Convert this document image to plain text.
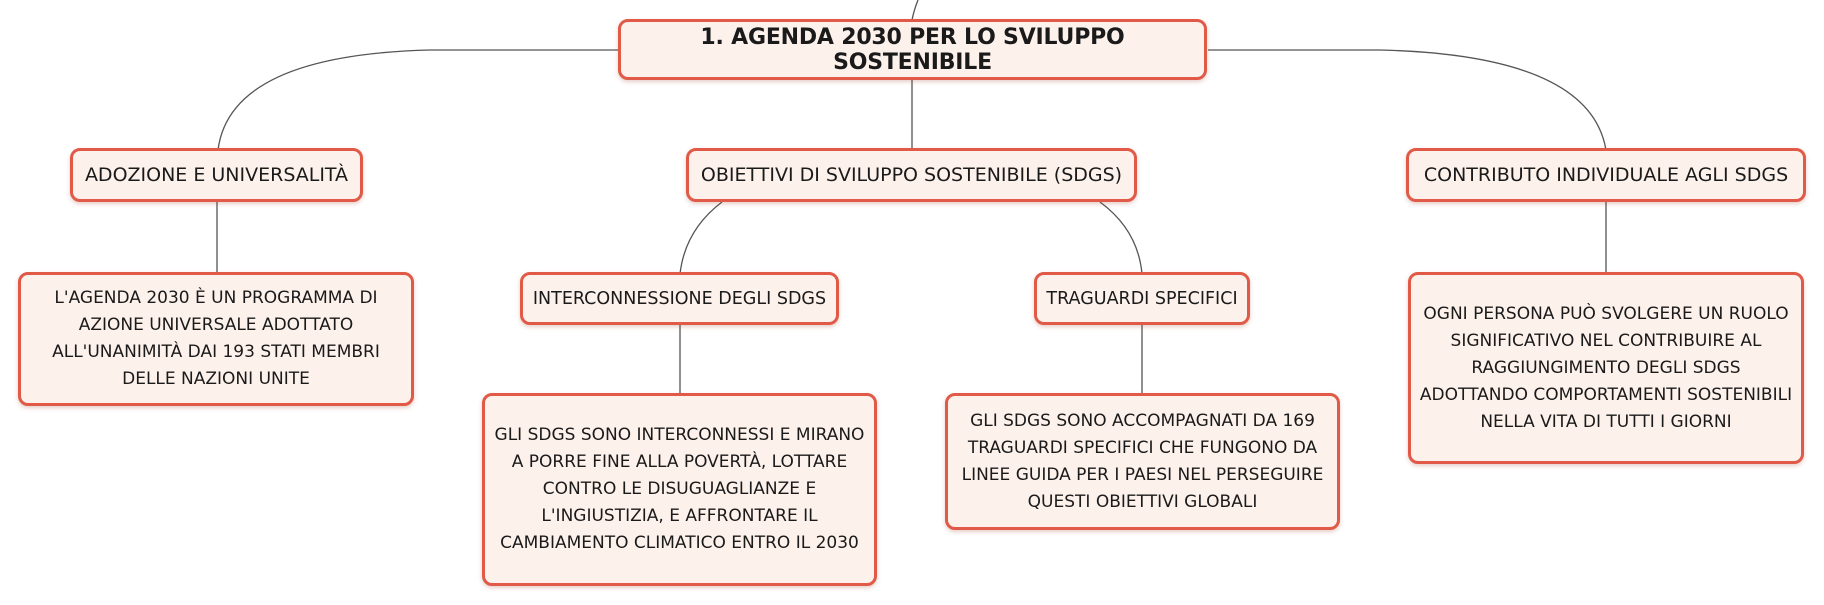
1. AGENDA 2030 PER LO SVILUPPO SOSTENIBILE
ADOZIONE E UNIVERSALITÀ	OBIETTIVI DI SVILUPPO SOSTENIBILE (SDGS)	CONTRIBUTO INDIVIDUALE AGLI SDGS
L'AGENDA 2030 È UN PROGRAMMA DI AZIONE UNIVERSALE ADOTTATO ALL'UNANIMITÀ DAI 193 STATI MEMBRI DELLE NAZIONI UNITE
INTERCONNESSIONE DEGLI SDGS	TRAGUARDI SPECIFICI
OGNI PERSONA PUÒ SVOLGERE UN RUOLO SIGNIFICATIVO NEL CONTRIBUIRE AL RAGGIUNGIMENTO DEGLI SDGS ADOTTANDO COMPORTAMENTI SOSTENIBILI NELLA VITA DI TUTTI I GIORNI
GLI SDGS SONO INTERCONNESSI E MIRANO A PORRE FINE ALLA POVERTÀ, LOTTARE CONTRO LE DISUGUAGLIANZE E L'INGIUSTIZIA, E AFFRONTARE IL CAMBIAMENTO CLIMATICO ENTRO IL 2030
GLI SDGS SONO ACCOMPAGNATI DA 169 TRAGUARDI SPECIFICI CHE FUNGONO DA LINEE GUIDA PER I PAESI NEL PERSEGUIRE QUESTI OBIETTIVI GLOBALI
